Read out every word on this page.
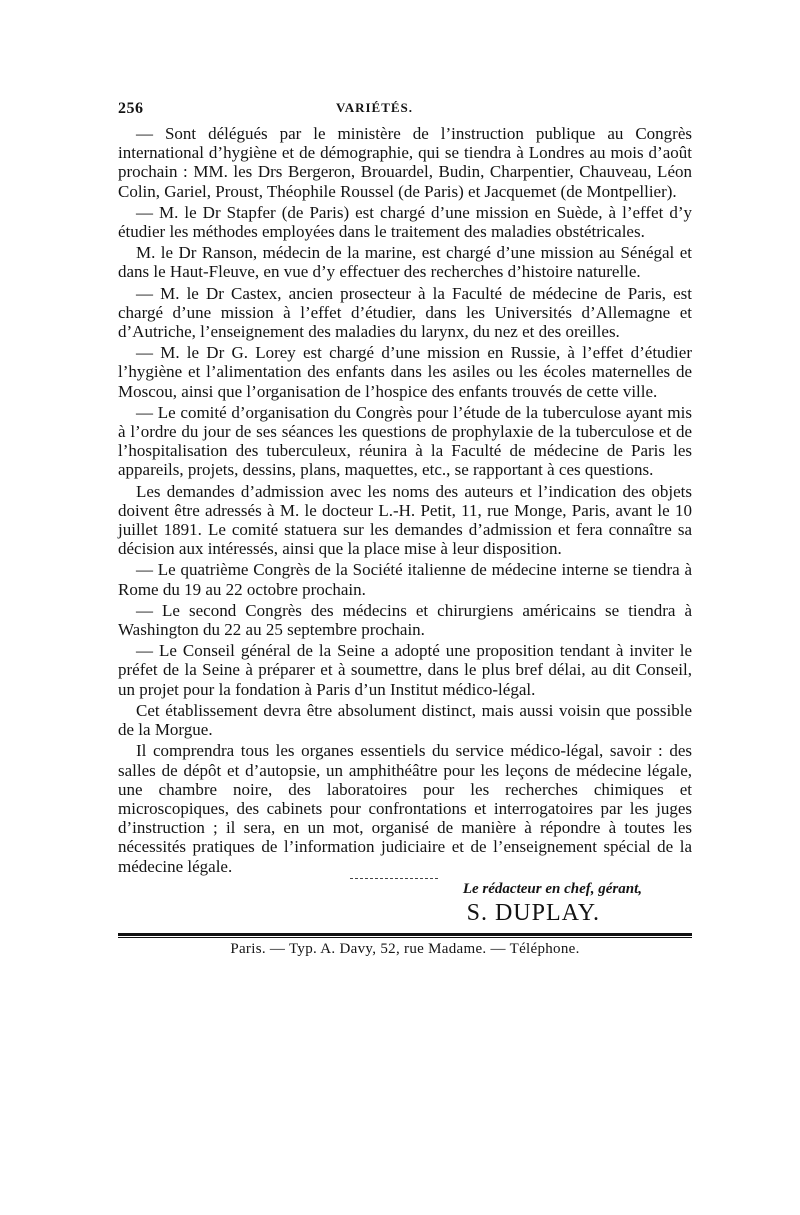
256	VARIÉTÉS.

— Sont délégués par le ministère de l’instruction publique au Congrès international d’hygiène et de démographie, qui se tiendra à Londres au mois d’août prochain : MM. les Drs Bergeron, Brouardel, Budin, Charpentier, Chauveau, Léon Colin, Gariel, Proust, Théophile Roussel (de Paris) et Jacquemet (de Montpellier).

— M. le Dr Stapfer (de Paris) est chargé d’une mission en Suède, à l’effet d’y étudier les méthodes employées dans le traitement des maladies obstétricales.

M. le Dr Ranson, médecin de la marine, est chargé d’une mission au Sénégal et dans le Haut-Fleuve, en vue d’y effectuer des recherches d’histoire naturelle.

— M. le Dr Castex, ancien prosecteur à la Faculté de médecine de Paris, est chargé d’une mission à l’effet d’étudier, dans les Universités d’Allemagne et d’Autriche, l’enseignement des maladies du larynx, du nez et des oreilles.

— M. le Dr G. Lorey est chargé d’une mission en Russie, à l’effet d’étudier l’hygiène et l’alimentation des enfants dans les asiles ou les écoles maternelles de Moscou, ainsi que l’organisation de l’hospice des enfants trouvés de cette ville.

— Le comité d’organisation du Congrès pour l’étude de la tuberculose ayant mis à l’ordre du jour de ses séances les questions de prophylaxie de la tuberculose et de l’hospitalisation des tuberculeux, réunira à la Faculté de médecine de Paris les appareils, projets, dessins, plans, maquettes, etc., se rapportant à ces questions.

Les demandes d’admission avec les noms des auteurs et l’indication des objets doivent être adressés à M. le docteur L.-H. Petit, 11, rue Monge, Paris, avant le 10 juillet 1891. Le comité statuera sur les demandes d’admission et fera connaître sa décision aux intéressés, ainsi que la place mise à leur disposition.

— Le quatrième Congrès de la Société italienne de médecine interne se tiendra à Rome du 19 au 22 octobre prochain.

— Le second Congrès des médecins et chirurgiens américains se tiendra à Washington du 22 au 25 septembre prochain.

— Le Conseil général de la Seine a adopté une proposition tendant à inviter le préfet de la Seine à préparer et à soumettre, dans le plus bref délai, au dit Conseil, un projet pour la fondation à Paris d’un Institut médico-légal.

Cet établissement devra être absolument distinct, mais aussi voisin que possible de la Morgue.

Il comprendra tous les organes essentiels du service médico-légal, savoir : des salles de dépôt et d’autopsie, un amphithéâtre pour les leçons de médecine légale, une chambre noire, des laboratoires pour les recherches chimiques et microscopiques, des cabinets pour confrontations et interrogatoires par les juges d’instruction ; il sera, en un mot, organisé de manière à répondre à toutes les nécessités pratiques de l’information judiciaire et de l’enseignement spécial de la médecine légale.

Le rédacteur en chef, gérant,
S. DUPLAY.
Paris. — Typ. A. Davy, 52, rue Madame. — Téléphone.
